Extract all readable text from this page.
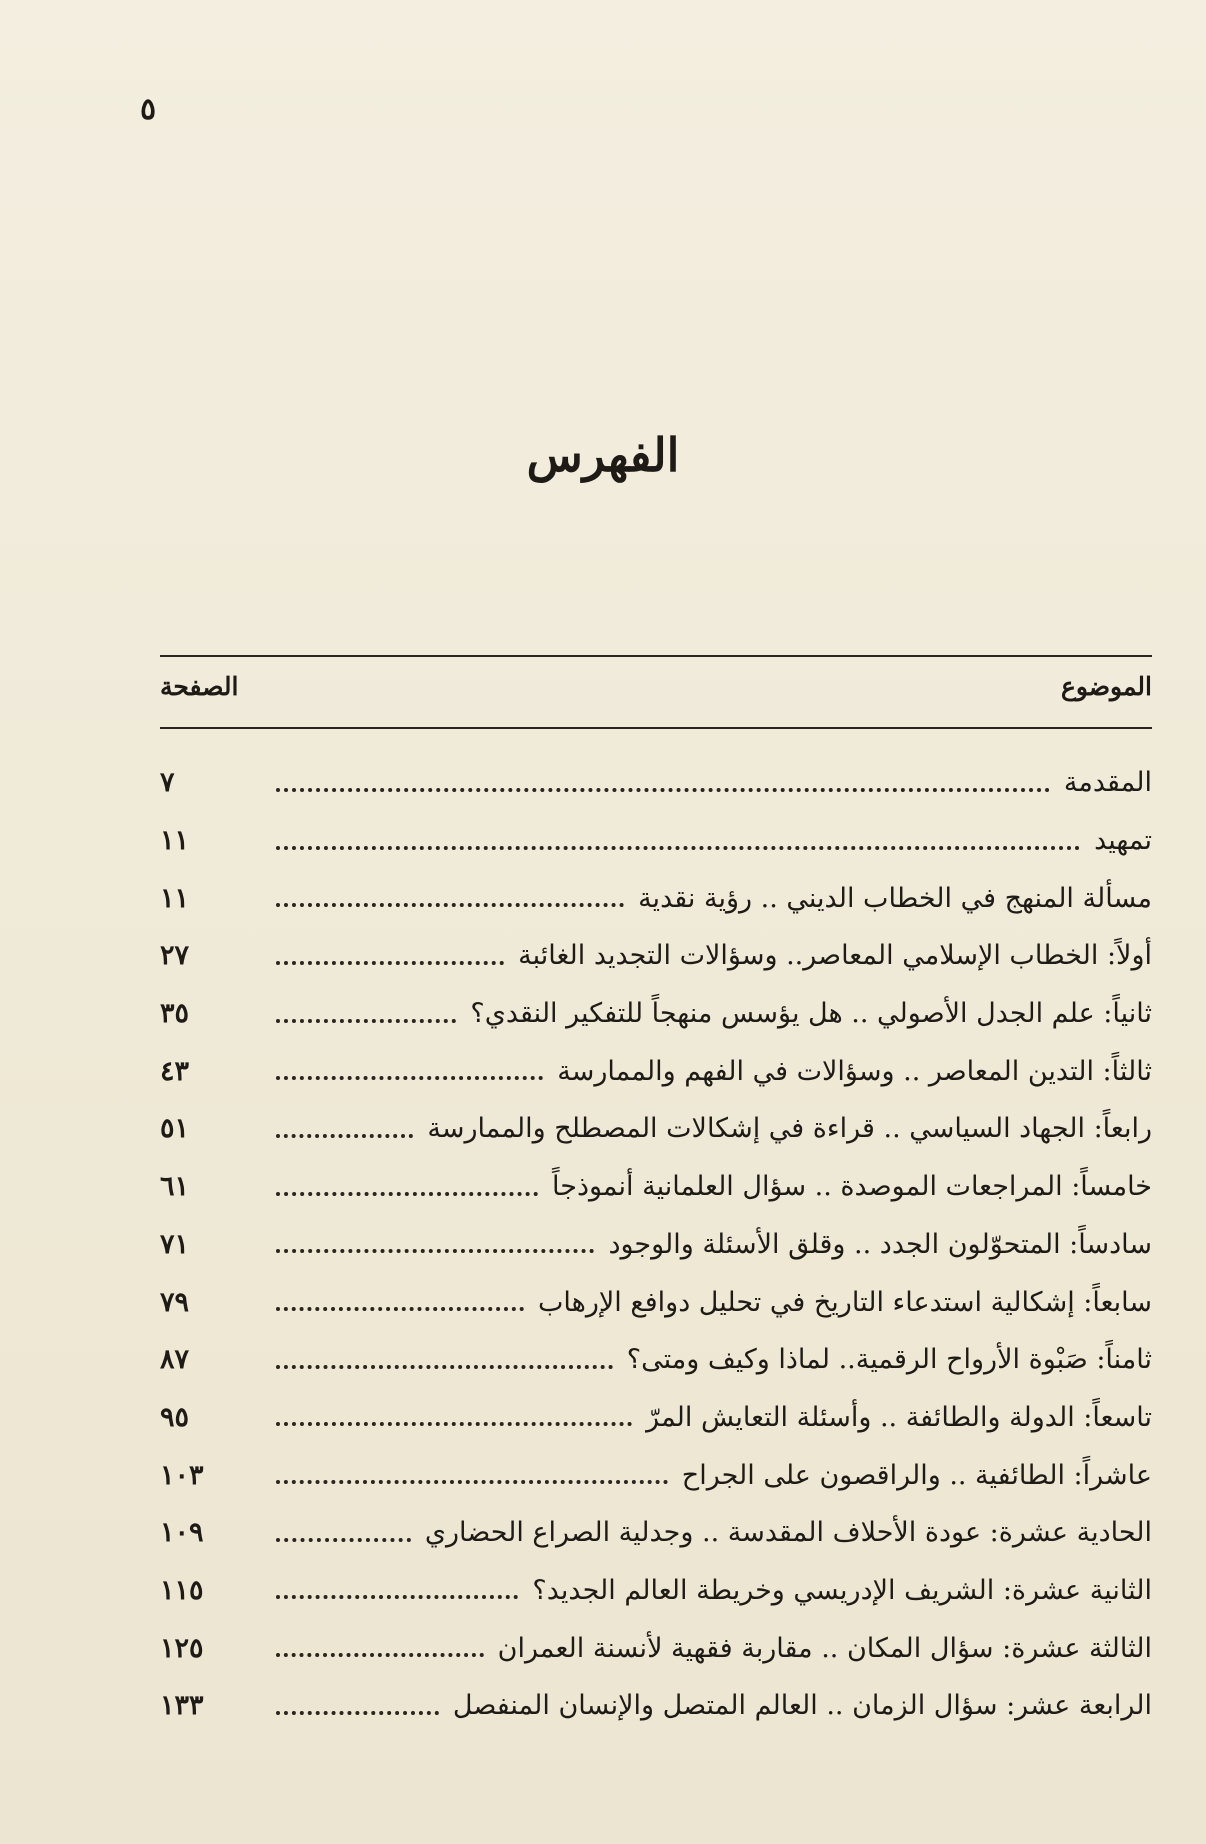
٥
الفهرس
الموضوع
الصفحة
المقدمة
٧
تمهيد
١١
مسألة المنهج في الخطاب الديني .. رؤية نقدية
١١
أولاً: الخطاب الإسلامي المعاصر.. وسؤالات التجديد الغائبة
٢٧
ثانياً: علم الجدل الأصولي .. هل يؤسس منهجاً للتفكير النقدي؟
٣٥
ثالثاً: التدين المعاصر .. وسؤالات في الفهم والممارسة
٤٣
رابعاً: الجهاد السياسي .. قراءة في إشكالات المصطلح والممارسة
٥١
خامساً: المراجعات الموصدة .. سؤال العلمانية أنموذجاً
٦١
سادساً: المتحوّلون الجدد .. وقلق الأسئلة والوجود
٧١
سابعاً: إشكالية استدعاء التاريخ في تحليل دوافع الإرهاب
٧٩
ثامناً: صَبْوة الأرواح الرقمية.. لماذا وكيف ومتى؟
٨٧
تاسعاً: الدولة والطائفة .. وأسئلة التعايش المرّ
٩٥
عاشراً: الطائفية .. والراقصون على الجراح
١٠٣
الحادية عشرة: عودة الأحلاف المقدسة .. وجدلية الصراع الحضاري
١٠٩
الثانية عشرة: الشريف الإدريسي وخريطة العالم الجديد؟
١١٥
الثالثة عشرة: سؤال المكان .. مقاربة فقهية لأنسنة العمران
١٢٥
الرابعة عشر: سؤال الزمان .. العالم المتصل والإنسان المنفصل
١٣٣
